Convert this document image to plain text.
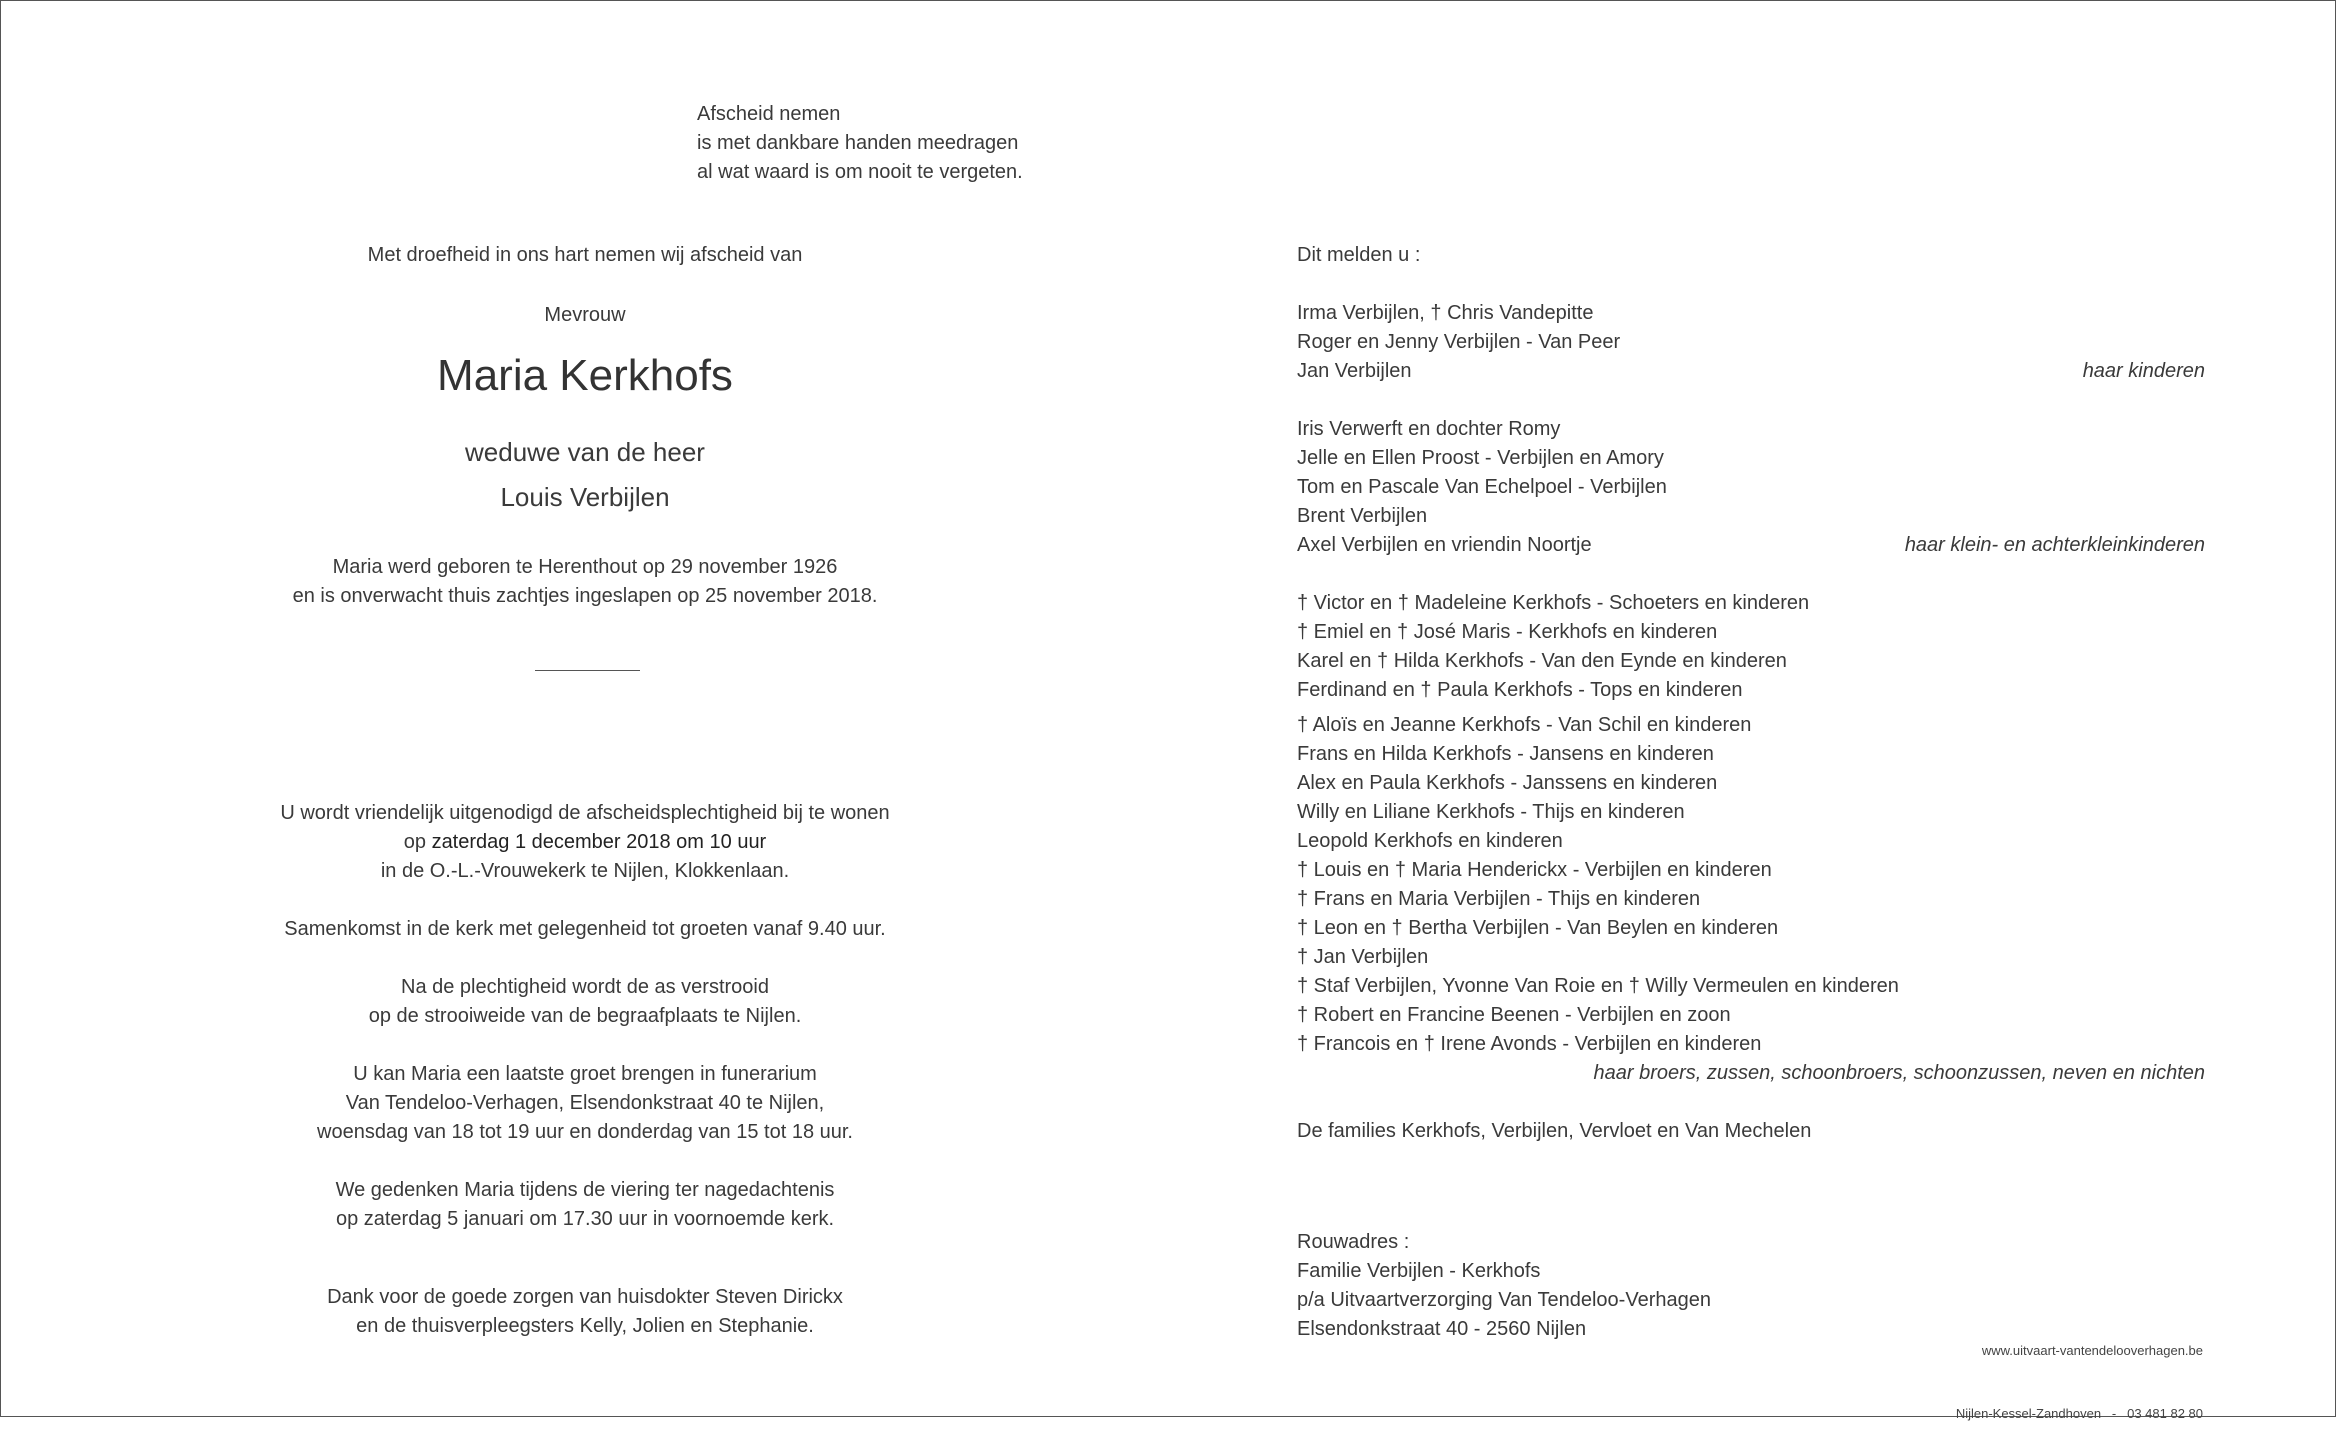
Afscheid nemen
is met dankbare handen meedragen
al wat waard is om nooit te vergeten.
Met droefheid in ons hart nemen wij afscheid van
Mevrouw
Maria Kerkhofs
weduwe van de heer
Louis Verbijlen
Maria werd geboren te Herenthout op 29 november 1926
en is onverwacht thuis zachtjes ingeslapen op 25 november 2018.
U wordt vriendelijk uitgenodigd de afscheidsplechtigheid bij te wonen
op zaterdag 1 december 2018 om 10 uur
in de O.-L.-Vrouwekerk te Nijlen, Klokkenlaan.
Samenkomst in de kerk met gelegenheid tot groeten vanaf 9.40 uur.
Na de plechtigheid wordt de as verstrooid
op de strooiweide van de begraafplaats te Nijlen.
U kan Maria een laatste groet brengen in funerarium
Van Tendeloo-Verhagen, Elsendonkstraat 40 te Nijlen,
woensdag van 18 tot 19 uur en donderdag van 15 tot 18 uur.
We gedenken Maria tijdens de viering ter nagedachtenis
op zaterdag 5 januari om 17.30 uur in voornoemde kerk.
Dank voor de goede zorgen van huisdokter Steven Dirickx
en de thuisverpleegsters Kelly, Jolien en Stephanie.
Dit melden u :
Irma Verbijlen, † Chris Vandepitte
Roger en Jenny Verbijlen - Van Peer
Jan Verbijlen	haar kinderen
Iris Verwerft en dochter Romy
Jelle en Ellen Proost - Verbijlen en Amory
Tom en Pascale Van Echelpoel - Verbijlen
Brent Verbijlen
Axel Verbijlen en vriendin Noortje	haar klein- en achterkleinkinderen
† Victor en † Madeleine Kerkhofs - Schoeters en kinderen
† Emiel en † José Maris - Kerkhofs en kinderen
Karel en † Hilda Kerkhofs - Van den Eynde en kinderen
Ferdinand en † Paula Kerkhofs - Tops en kinderen
† Aloïs en Jeanne Kerkhofs - Van Schil en kinderen
Frans en Hilda Kerkhofs - Jansens en kinderen
Alex en Paula Kerkhofs - Janssens en kinderen
Willy en Liliane Kerkhofs - Thijs en kinderen
Leopold Kerkhofs en kinderen
† Louis en † Maria Henderickx - Verbijlen en kinderen
† Frans en Maria Verbijlen - Thijs en kinderen
† Leon en † Bertha Verbijlen - Van Beylen en kinderen
† Jan Verbijlen
† Staf Verbijlen, Yvonne Van Roie en † Willy Vermeulen en kinderen
† Robert en Francine Beenen - Verbijlen en zoon
† Francois en † Irene Avonds - Verbijlen en kinderen
haar broers, zussen, schoonbroers, schoonzussen, neven en nichten
De families Kerkhofs, Verbijlen, Vervloet en Van Mechelen
Rouwadres :
Familie Verbijlen - Kerkhofs
p/a Uitvaartverzorging Van Tendeloo-Verhagen
Elsendonkstraat 40 - 2560 Nijlen

www.uitvaart-vantendelooverhagen.be

Nijlen-Kessel-Zandhoven - 03 481 82 80
